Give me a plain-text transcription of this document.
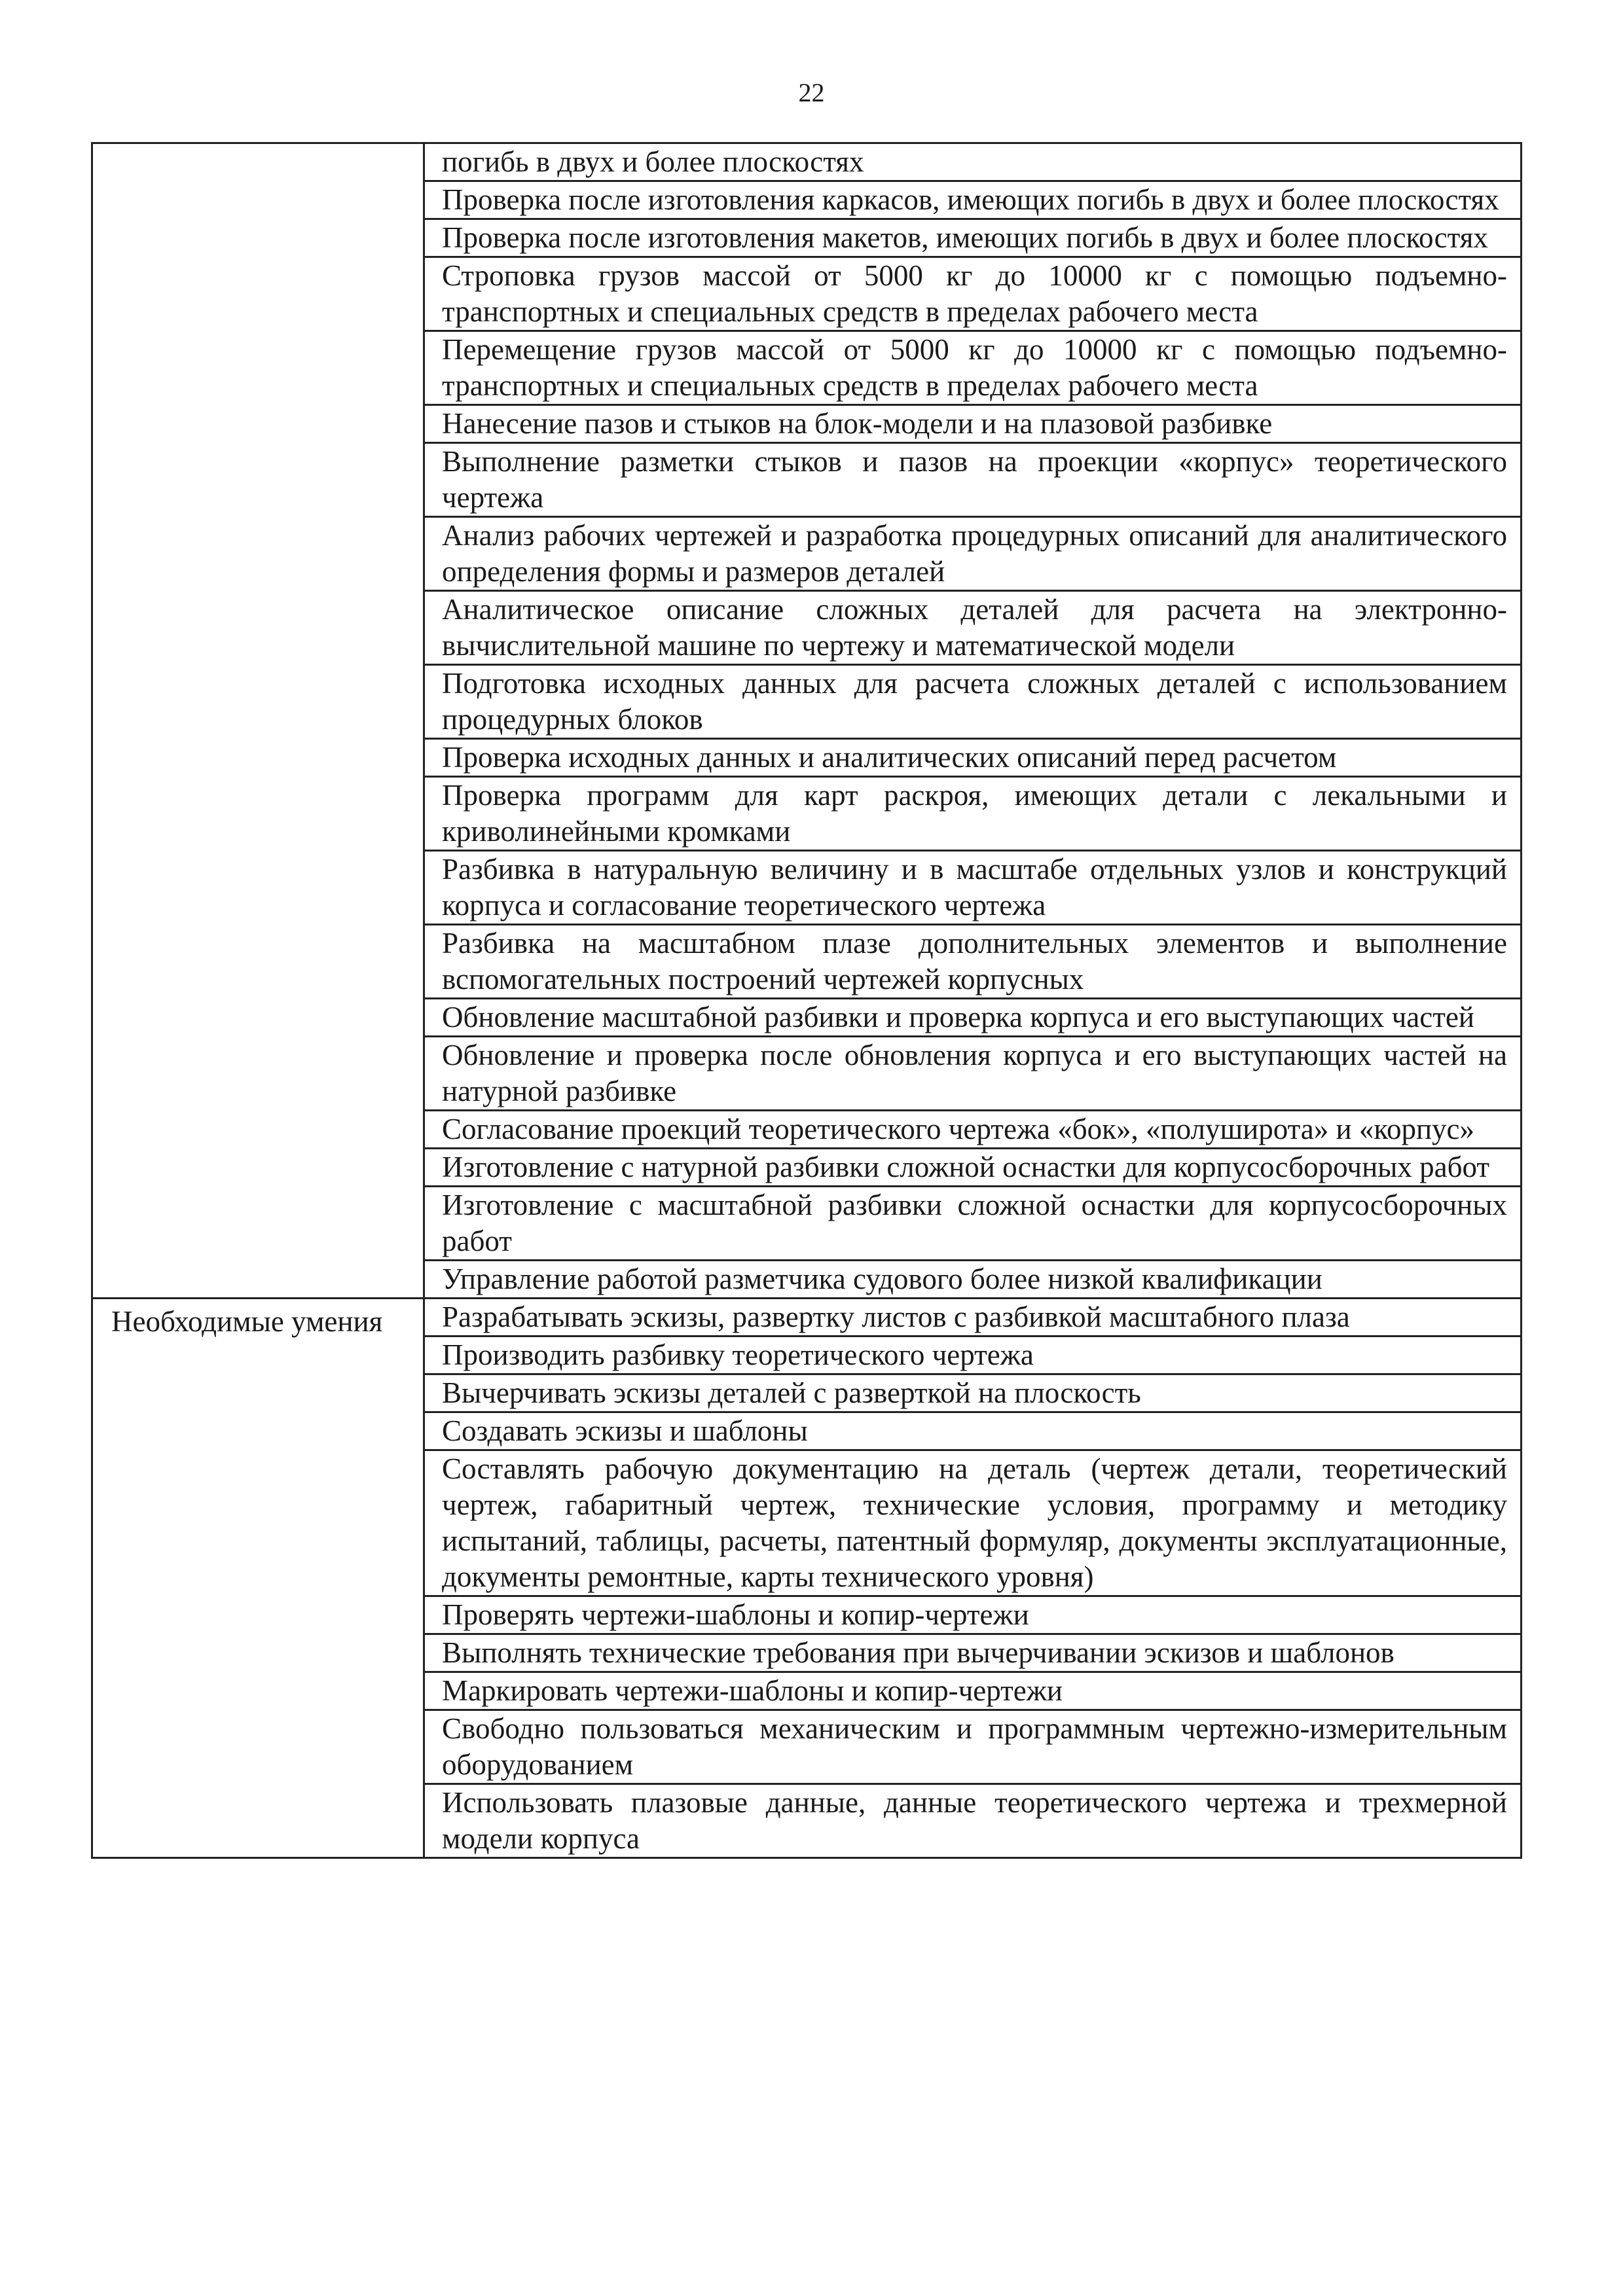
22
	погибь в двух и более плоскостях
	Проверка после изготовления каркасов, имеющих погибь в двух и более плоскостях
	Проверка после изготовления макетов, имеющих погибь в двух и более плоскостях
	Строповка грузов массой от 5000 кг до 10000 кг с помощью подъемно-транспортных и специальных средств в пределах рабочего места
	Перемещение грузов массой от 5000 кг до 10000 кг с помощью подъемно-транспортных и специальных средств в пределах рабочего места
	Нанесение пазов и стыков на блок-модели и на плазовой разбивке
	Выполнение разметки стыков и пазов на проекции «корпус» теоретического чертежа
	Анализ рабочих чертежей и разработка процедурных описаний для аналитического определения формы и размеров деталей
	Аналитическое описание сложных деталей для расчета на электронно-вычислительной машине по чертежу и математической модели
	Подготовка исходных данных для расчета сложных деталей с использованием процедурных блоков
	Проверка исходных данных и аналитических описаний перед расчетом
	Проверка программ для карт раскроя, имеющих детали с лекальными и криволинейными кромками
	Разбивка в натуральную величину и в масштабе отдельных узлов и конструкций корпуса и согласование теоретического чертежа
	Разбивка на масштабном плазе дополнительных элементов и выполнение вспомогательных построений чертежей корпусных
	Обновление масштабной разбивки и проверка корпуса и его выступающих частей
	Обновление и проверка после обновления корпуса и его выступающих частей на натурной разбивке
	Согласование проекций теоретического чертежа «бок», «полуширота» и «корпус»
	Изготовление с натурной разбивки сложной оснастки для корпусосборочных работ
	Изготовление с масштабной разбивки сложной оснастки для корпусосборочных работ
	Управление работой разметчика судового более низкой квалификации
Необходимые умения	Разрабатывать эскизы, развертку листов с разбивкой масштабного плаза
	Производить разбивку теоретического чертежа
	Вычерчивать эскизы деталей с разверткой на плоскость
	Создавать эскизы и шаблоны
	Составлять рабочую документацию на деталь (чертеж детали, теоретический чертеж, габаритный чертеж, технические условия, программу и методику испытаний, таблицы, расчеты, патентный формуляр, документы эксплуатационные, документы ремонтные, карты технического уровня)
	Проверять чертежи-шаблоны и копир-чертежи
	Выполнять технические требования при вычерчивании эскизов и шаблонов
	Маркировать чертежи-шаблоны и копир-чертежи
	Свободно пользоваться механическим и программным чертежно-измерительным оборудованием
	Использовать плазовые данные, данные теоретического чертежа и трехмерной модели корпуса
